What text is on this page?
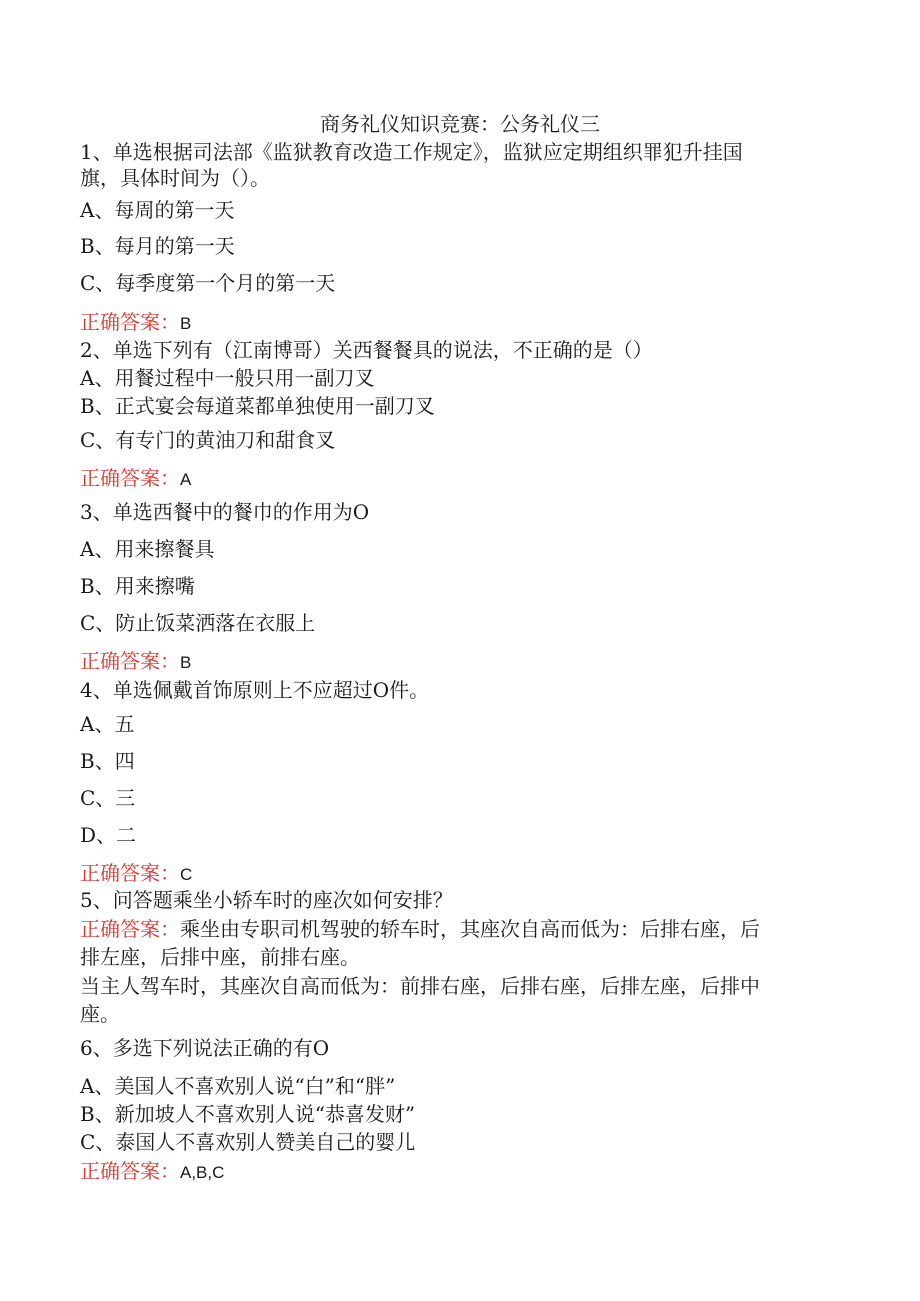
商务礼仪知识竞赛：公务礼仪三
1、单选根据司法部《监狱教育改造工作规定》，监狱应定期组织罪犯升挂国
旗，具体时间为（）。
A、每周的第一天
B、每月的第一天
C、每季度第一个月的第一天
正确答案：B
2、单选下列有（江南博哥）关西餐餐具的说法，不正确的是（）
A、用餐过程中一般只用一副刀叉
B、正式宴会每道菜都单独使用一副刀叉
C、有专门的黄油刀和甜食叉
正确答案：A
3、单选西餐中的餐巾的作用为O
A、用来擦餐具
B、用来擦嘴
C、防止饭菜洒落在衣服上
正确答案：B
4、单选佩戴首饰原则上不应超过O件。
A、五
B、四
C、三
D、二
正确答案：C
5、问答题乘坐小轿车时的座次如何安排？
正确答案：乘坐由专职司机驾驶的轿车时，其座次自高而低为：后排右座，后
排左座，后排中座，前排右座。
当主人驾车时，其座次自高而低为：前排右座，后排右座，后排左座，后排中
座。
6、多选下列说法正确的有O
A、美国人不喜欢别人说“白”和“胖”
B、新加坡人不喜欢别人说“恭喜发财”
C、泰国人不喜欢别人赞美自己的婴儿
正确答案：A,B,C
